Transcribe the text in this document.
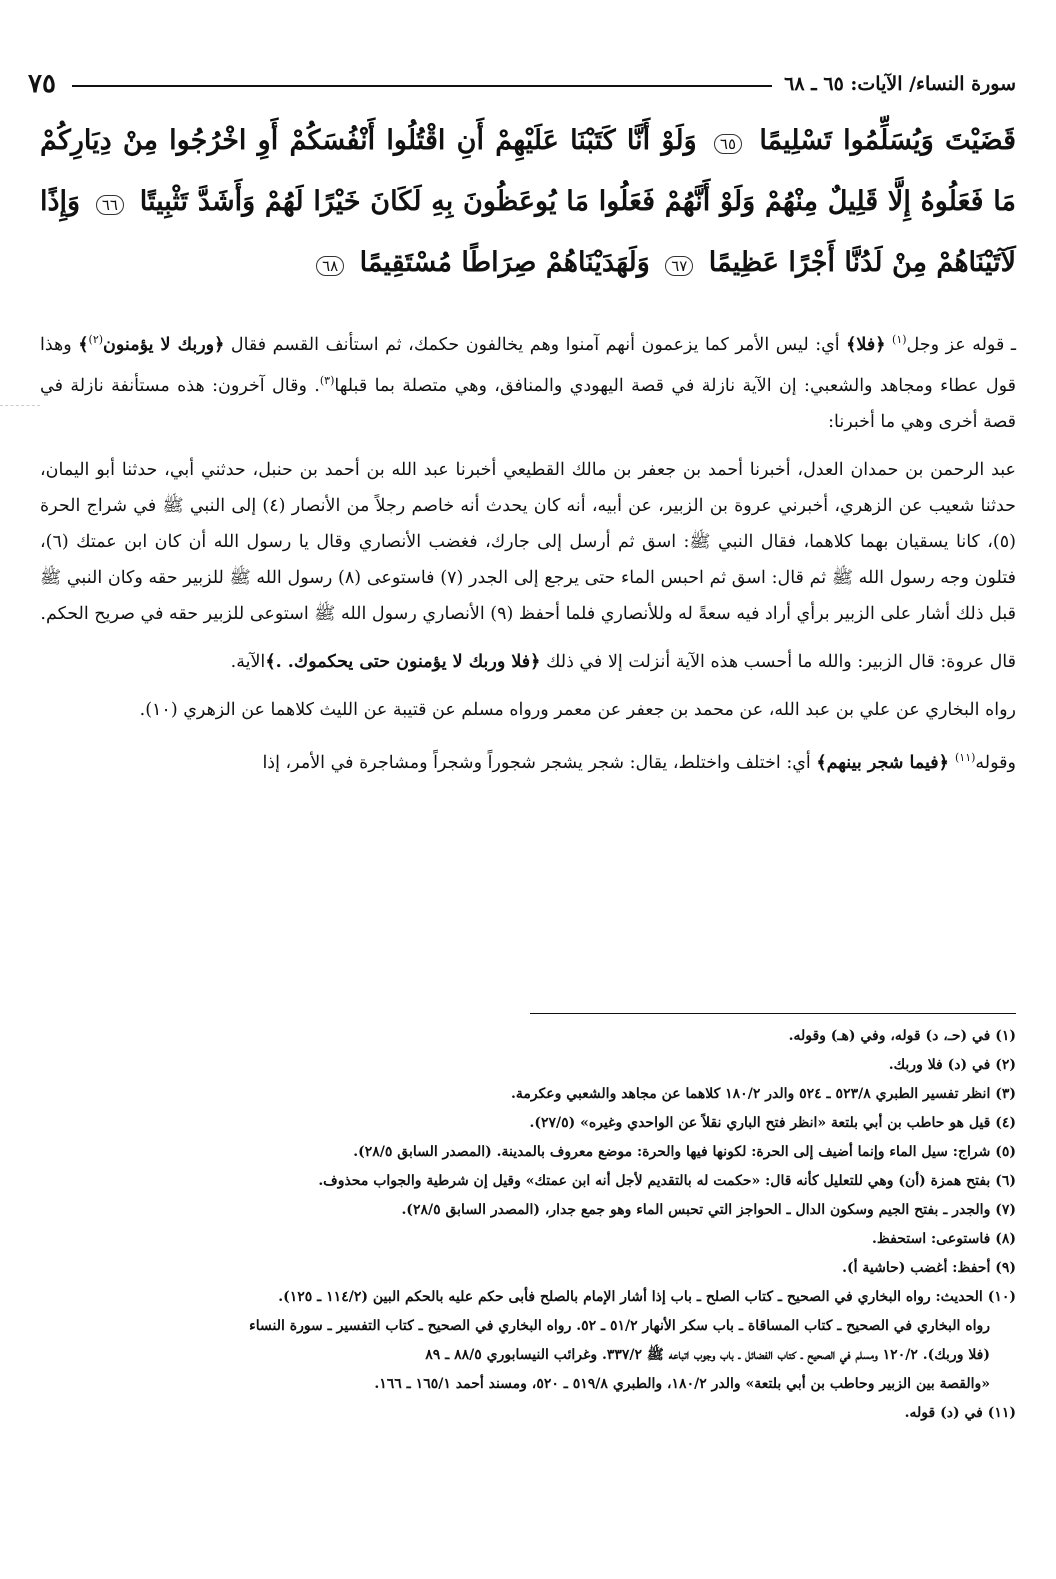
سورة النساء/ الآيات: ٦٥ ـ ٦٨
٧٥
قَضَيْتَ وَيُسَلِّمُوا تَسْلِيمًا ٦٥ وَلَوْ أَنَّا كَتَبْنَا عَلَيْهِمْ أَنِ اقْتُلُوا أَنْفُسَكُمْ أَوِ اخْرُجُوا مِنْ دِيَارِكُمْ مَا فَعَلُوهُ إِلَّا قَلِيلٌ مِنْهُمْ وَلَوْ أَنَّهُمْ فَعَلُوا مَا يُوعَظُونَ بِهِ لَكَانَ خَيْرًا لَهُمْ وَأَشَدَّ تَثْبِيتًا ٦٦ وَإِذًا لَآتَيْنَاهُمْ مِنْ لَدُنَّا أَجْرًا عَظِيمًا ٦٧ وَلَهَدَيْنَاهُمْ صِرَاطًا مُسْتَقِيمًا ٦٨

ـ قوله عز وجل$^{(١)}$ ﴿فلا﴾ أي: ليس الأمر كما يزعمون أنهم آمنوا وهم يخالفون حكمك، ثم استأنف القسم فقال ﴿وربك لا يؤمنون$^{(٢)}$﴾ وهذا قول عطاء ومجاهد والشعبي: إن الآية نازلة في قصة اليهودي والمنافق، وهي متصلة بما قبلها$^{(٣)}$. وقال آخرون: هذه مستأنفة نازلة في قصة أخرى وهي ما أخبرنا:

عبد الرحمن بن حمدان العدل، أخبرنا أحمد بن جعفر بن مالك القطيعي أخبرنا عبد الله بن أحمد بن حنبل، حدثني أبي، حدثنا أبو اليمان، حدثنا شعيب عن الزهري، أخبرني عروة بن الزبير، عن أبيه، أنه كان يحدث أنه خاصم رجلاً من الأنصار (٤) إلى النبي ﷺ في شراج الحرة (٥)، كانا يسقيان بهما كلاهما، فقال النبي ﷺ: اسق ثم أرسل إلى جارك، فغضب الأنصاري وقال يا رسول الله أن كان ابن عمتك (٦)، فتلون وجه رسول الله ﷺ ثم قال: اسق ثم احبس الماء حتى يرجع إلى الجدر (٧) فاستوعى (٨) رسول الله ﷺ للزبير حقه وكان النبي ﷺ قبل ذلك أشار على الزبير برأي أراد فيه سعةً له وللأنصاري فلما أحفظ (٩) الأنصاري رسول الله ﷺ استوعى للزبير حقه في صريح الحكم.

قال عروة: قال الزبير: والله ما أحسب هذه الآية أنزلت إلا في ذلك ﴿فلا وربك لا يؤمنون حتى يحكموك. .﴾الآية.

رواه البخاري عن علي بن عبد الله، عن محمد بن جعفر عن معمر ورواه مسلم عن قتيبة عن الليث كلاهما عن الزهري (١٠).

وقوله$^{(١١)}$ ﴿فيما شجر بينهم﴾ أي: اختلف واختلط، يقال: شجر يشجر شجوراً وشجراً ومشاجرة في الأمر، إذا

(١) في (حـ، د) قوله، وفي (هـ) وقوله.
(٢) في (د) فلا وربك.
(٣) انظر تفسير الطبري ٥٢٣/٨ ـ ٥٢٤ والدر ١٨٠/٢ كلاهما عن مجاهد والشعبي وعكرمة.
(٤) قيل هو حاطب بن أبي بلتعة «انظر فتح الباري نقلاً عن الواحدي وغيره» (٢٧/٥).
(٥) شراج: سيل الماء وإنما أضيف إلى الحرة: لكونها فيها والحرة: موضع معروف بالمدينة. (المصدر السابق ٢٨/٥).
(٦) بفتح همزة (أن) وهي للتعليل كأنه قال: «حكمت له بالتقديم لأجل أنه ابن عمتك» وقيل إن شرطية والجواب محذوف.
(٧) والجدر ـ بفتح الجيم وسكون الدال ـ الحواجز التي تحبس الماء وهو جمع جدار، (المصدر السابق ٢٨/٥).
(٨) فاستوعى: استحفظ.
(٩) أحفظ: أغضب (حاشية أ).
(١٠) الحديث: رواه البخاري في الصحيح ـ كتاب الصلح ـ باب إذا أشار الإمام بالصلح فأبى حكم عليه بالحكم البين (١١٤/٢ ـ ١٢٥).
رواه البخاري في الصحيح ـ كتاب المساقاة ـ باب سكر الأنهار ٥١/٢ ـ ٥٢. رواه البخاري في الصحيح ـ كتاب التفسير ـ سورة النساء
(فلا وربك). ١٢٠/٢ ومسلم في الصحيح ـ كتاب الفضائل ـ باب وجوب اتباعه ﷺ ٣٣٧/٢. وغرائب النيسابوري ٨٨/٥ ـ ٨٩
«والقصة بين الزبير وحاطب بن أبي بلتعة» والدر ١٨٠/٢، والطبري ٥١٩/٨ ـ ٥٢٠، ومسند أحمد ١٦٥/١ ـ ١٦٦.
(١١) في (د) قوله.
